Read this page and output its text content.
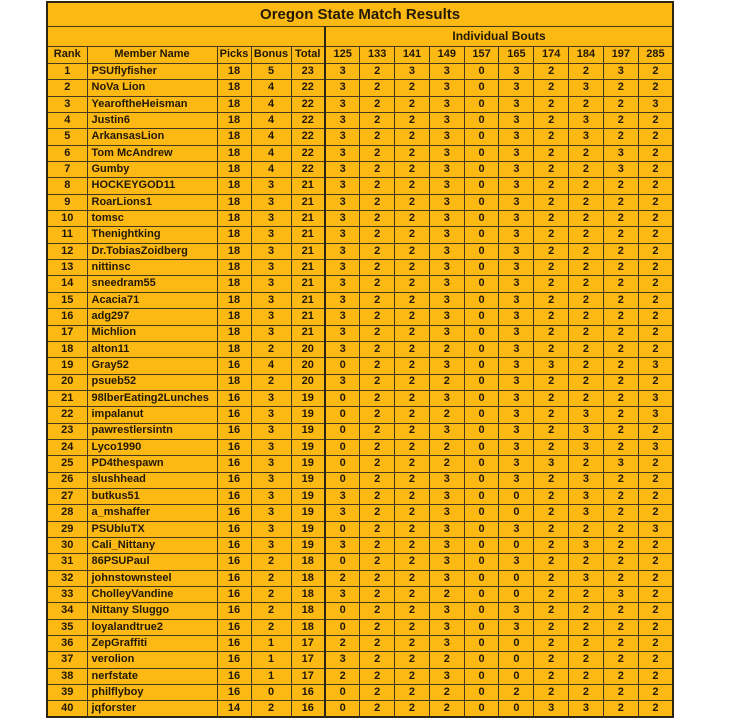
Oregon State Match Results														
					Individual Bouts									
Rank	Member Name	Picks	Bonus	Total	125	133	141	149	157	165	174	184	197	285
1	PSUflyfisher	18	5	23	3	2	3	3	0	3	2	2	3	2
2	NoVa Lion	18	4	22	3	2	2	3	0	3	2	3	2	2
3	YearoftheHeisman	18	4	22	3	2	2	3	0	3	2	2	2	3
4	Justin6	18	4	22	3	2	2	3	0	3	2	3	2	2
5	ArkansasLion	18	4	22	3	2	2	3	0	3	2	3	2	2
6	Tom McAndrew	18	4	22	3	2	2	3	0	3	2	2	3	2
7	Gumby	18	4	22	3	2	2	3	0	3	2	2	3	2
8	HOCKEYGOD11	18	3	21	3	2	2	3	0	3	2	2	2	2
9	RoarLions1	18	3	21	3	2	2	3	0	3	2	2	2	2
10	tomsc	18	3	21	3	2	2	3	0	3	2	2	2	2
11	Thenightking	18	3	21	3	2	2	3	0	3	2	2	2	2
12	Dr.TobiasZoidberg	18	3	21	3	2	2	3	0	3	2	2	2	2
13	nittinsc	18	3	21	3	2	2	3	0	3	2	2	2	2
14	sneedram55	18	3	21	3	2	2	3	0	3	2	2	2	2
15	Acacia71	18	3	21	3	2	2	3	0	3	2	2	2	2
16	adg297	18	3	21	3	2	2	3	0	3	2	2	2	2
17	Michlion	18	3	21	3	2	2	3	0	3	2	2	2	2
18	alton11	18	2	20	3	2	2	2	0	3	2	2	2	2
19	Gray52	16	4	20	0	2	2	3	0	3	3	2	2	3
20	psueb52	18	2	20	3	2	2	2	0	3	2	2	2	2
21	98lberEating2Lunches	16	3	19	0	2	2	3	0	3	2	2	2	3
22	impalanut	16	3	19	0	2	2	2	0	3	2	3	2	3
23	pawrestlersintn	16	3	19	0	2	2	3	0	3	2	3	2	2
24	Lyco1990	16	3	19	0	2	2	2	0	3	2	3	2	3
25	PD4thespawn	16	3	19	0	2	2	2	0	3	3	2	3	2
26	slushhead	16	3	19	0	2	2	3	0	3	2	3	2	2
27	butkus51	16	3	19	3	2	2	3	0	0	2	3	2	2
28	a_mshaffer	16	3	19	3	2	2	3	0	0	2	3	2	2
29	PSUbluTX	16	3	19	0	2	2	3	0	3	2	2	2	3
30	Cali_Nittany	16	3	19	3	2	2	3	0	0	2	3	2	2
31	86PSUPaul	16	2	18	0	2	2	3	0	3	2	2	2	2
32	johnstownsteel	16	2	18	2	2	2	3	0	0	2	3	2	2
33	CholleyVandine	16	2	18	3	2	2	2	0	0	2	2	3	2
34	Nittany Sluggo	16	2	18	0	2	2	3	0	3	2	2	2	2
35	loyalandtrue2	16	2	18	0	2	2	3	0	3	2	2	2	2
36	ZepGraffiti	16	1	17	2	2	2	3	0	0	2	2	2	2
37	verolion	16	1	17	3	2	2	2	0	0	2	2	2	2
38	nerfstate	16	1	17	2	2	2	3	0	0	2	2	2	2
39	philflyboy	16	0	16	0	2	2	2	0	2	2	2	2	2
40	jqforster	14	2	16	0	2	2	2	0	0	3	3	2	2
